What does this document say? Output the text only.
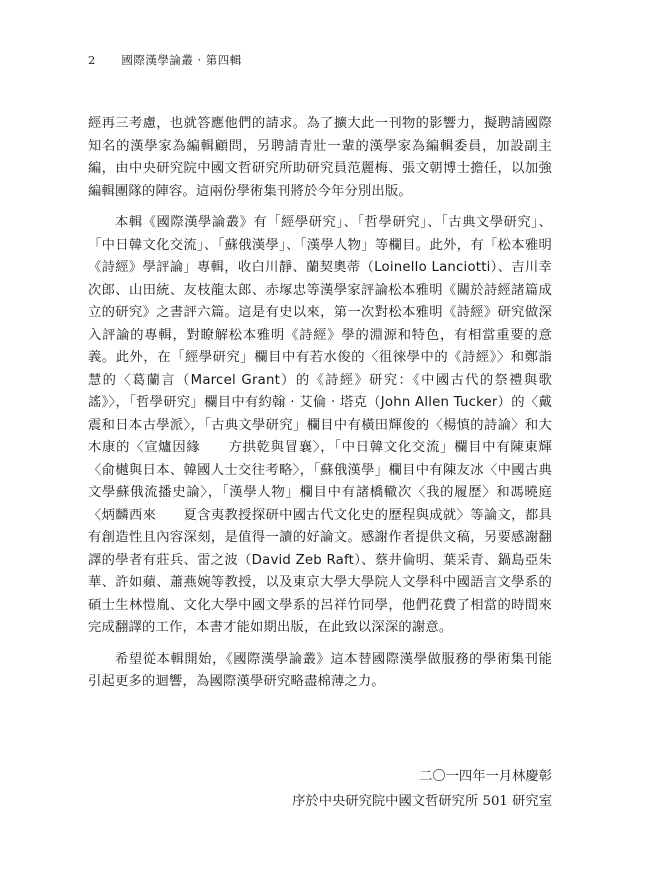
2 國際漢學論叢 · 第四輯

經再三考慮，也就答應他們的請求。為了擴大此一刊物的影響力，擬聘請國際知名的漢學家為編輯顧問，另聘請青壯一輩的漢學家為編輯委員，加設副主編，由中央研究院中國文哲研究所助研究員范麗梅、張文朝博士擔任，以加強編輯團隊的陣容。這兩份學術集刊將於今年分別出版。

本輯《國際漢學論叢》有「經學研究」、「哲學研究」、「古典文學研究」、「中日韓文化交流」、「蘇俄漢學」、「漢學人物」等欄目。此外，有「松本雅明《詩經》學評論」專輯，收白川靜、蘭契奧蒂（Loinello Lanciotti）、吉川幸次郎、山田統、友枝龍太郎、赤塚忠等漢學家評論松本雅明《關於詩經諸篇成立的研究》之書評六篇。這是有史以來，第一次對松本雅明《詩經》研究做深入評論的專輯，對瞭解松本雅明《詩經》學的淵源和特色，有相當重要的意義。此外，在「經學研究」欄目中有若水俊的〈徂徠學中的《詩經》〉和鄭詣慧的〈葛蘭言（Marcel Grant）的《詩經》研究：《中國古代的祭禮與歌謠》〉，「哲學研究」欄目中有約翰 · 艾倫 · 塔克（John Allen Tucker）的〈戴震和日本古學派〉，「古典文學研究」欄目中有橫田輝俊的〈楊慎的詩論〉和大木康的〈宣爐因緣　　方拱乾與冒襄〉，「中日韓文化交流」欄目中有陳東輝〈俞樾與日本、韓國人士交往考略〉，「蘇俄漢學」欄目中有陳友冰〈中國古典文學蘇俄流播史論〉，「漢學人物」欄目中有諸橋轍次〈我的履歷〉和馮曉庭〈炳麟西來　　夏含夷教授探研中國古代文化史的歷程與成就〉等論文，都具有創造性且內容深刻，是值得一讀的好論文。感謝作者提供文稿，另要感謝翻譯的學者有莊兵、雷之波（David Zeb Raft）、蔡井倫明、葉采青、鍋島亞朱華、許如蘋、蕭燕婉等教授，以及東京大學大學院人文學科中國語言文學系的碩士生林愷胤、文化大學中國文學系的呂祥竹同學，他們花費了相當的時間來完成翻譯的工作，本書才能如期出版，在此致以深深的謝意。

希望從本輯開始，《國際漢學論叢》這本替國際漢學做服務的學術集刊能引起更多的迴響，為國際漢學研究略盡棉薄之力。

二〇一四年一月林慶彰
序於中央研究院中國文哲研究所 501 研究室
